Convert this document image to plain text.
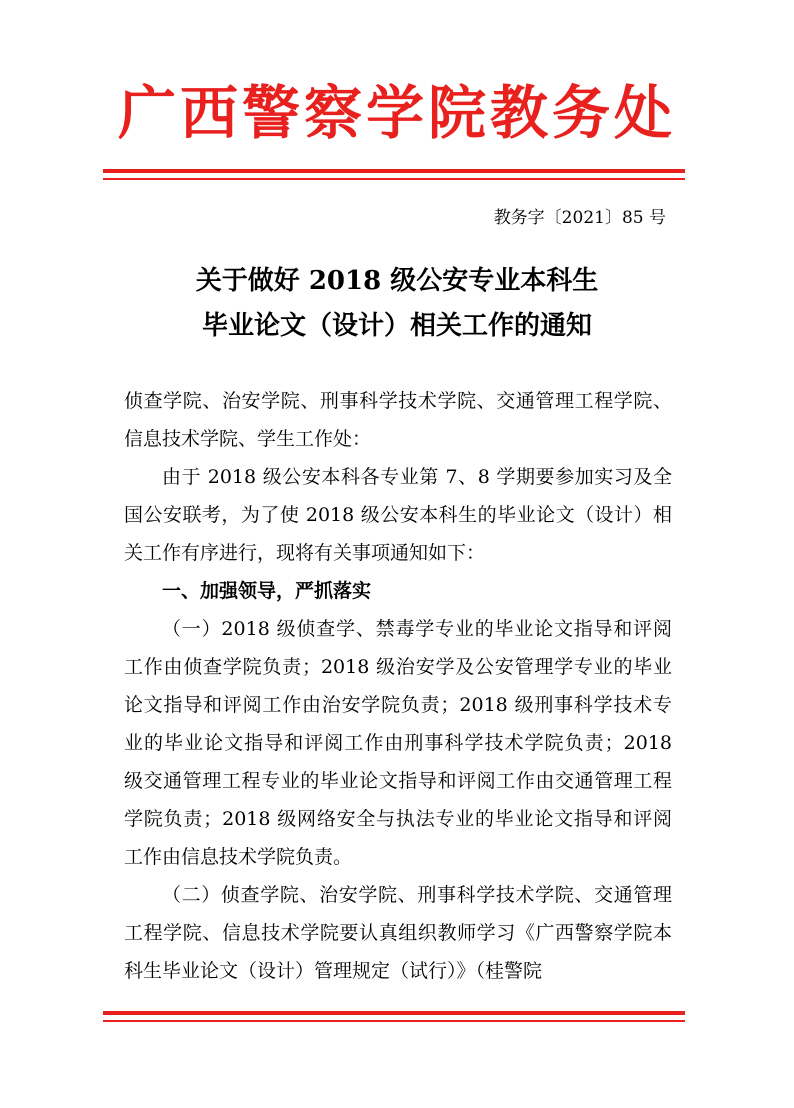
广西警察学院教务处
教务字〔2021〕85 号
关于做好 2018 级公安专业本科生
毕业论文（设计）相关工作的通知

侦查学院、治安学院、刑事科学技术学院、交通管理工程学院、信息技术学院、学生工作处：

由于 2018 级公安本科各专业第 7、8 学期要参加实习及全国公安联考，为了使 2018 级公安本科生的毕业论文（设计）相关工作有序进行，现将有关事项通知如下：

一、加强领导，严抓落实

（一）2018 级侦查学、禁毒学专业的毕业论文指导和评阅工作由侦查学院负责；2018 级治安学及公安管理学专业的毕业论文指导和评阅工作由治安学院负责；2018 级刑事科学技术专业的毕业论文指导和评阅工作由刑事科学技术学院负责；2018 级交通管理工程专业的毕业论文指导和评阅工作由交通管理工程学院负责；2018 级网络安全与执法专业的毕业论文指导和评阅工作由信息技术学院负责。

（二）侦查学院、治安学院、刑事科学技术学院、交通管理工程学院、信息技术学院要认真组织教师学习《广西警察学院本科生毕业论文（设计）管理规定（试行）》（桂警院
